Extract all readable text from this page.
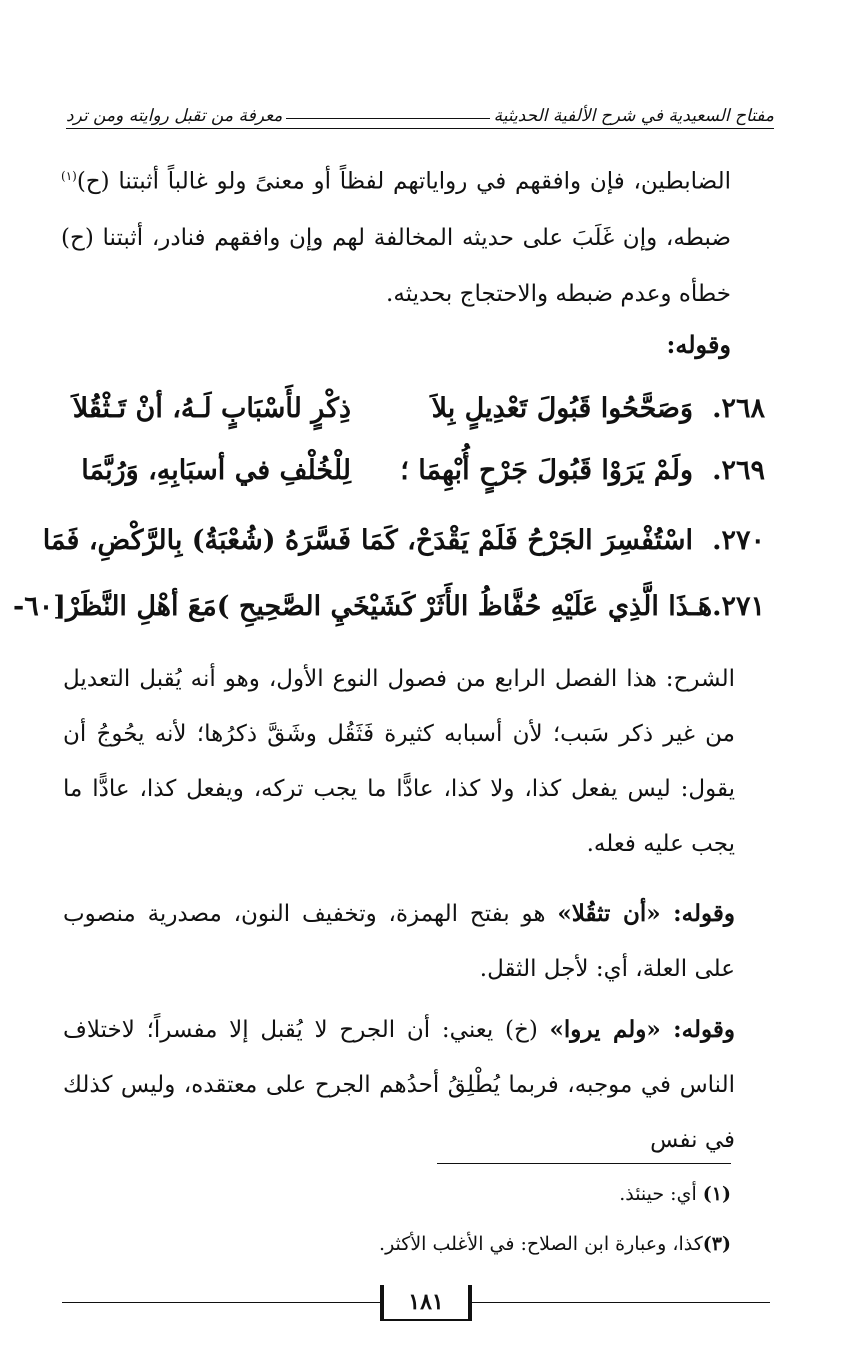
مفتاح السعيدية في شرح الألفية الحديثية
معرفة من تقبل روايته ومن ترد

الضابطين، فإن وافقهم في رواياتهم لفظاً أو معنىً ولو غالباً أثبتنا (ح)$^{(١)}$ ضبطه، وإن غَلَبَ على حديثه المخالفة لهم وإن وافقهم فنادر، أثبتنا (ح) خطأه وعدم ضبطه والاحتجاج بحديثه.

وقوله:
٢٦٨.
وَصَحَّحُوا قَبُولَ تَعْدِيلٍ بِلاَ
ذِكْرٍ لأَسْبَابٍ لَـهُ، أنْ تَـثْقُلاَ
٢٦٩.
ولَمْ يَرَوْا قَبُولَ جَرْحٍ أُبْهِمَا ؛
لِلْخُلْفِ في أسبَابِهِ، وَرُبَّمَا
٢٧٠.
اسْتُفْسِرَ الجَرْحُ فَلَمْ يَقْدَحْ، كَمَا
فَسَّرَهُ (شُعْبَةُ) بِالرَّكْضِ، فَمَا
٢٧١.
هَـذَا الَّذِي عَلَيْهِ حُفَّاظُ الأَثَرْ
كَشَيْخَيِ الصَّحِيحِ )مَعَ أهْلِ النَّظَرْ[٦٠-

الشرح: هذا الفصل الرابع من فصول النوع الأول، وهو أنه يُقبل التعديل من غير ذكر سَبب؛ لأن أسبابه كثيرة فَثَقُل وشَقَّ ذكرُها؛ لأنه يحُوجُ أن يقول: ليس يفعل كذا، ولا كذا، عادًّا ما يجب تركه، ويفعل كذا، عادًّا ما يجب عليه فعله.

وقوله: «أن تثقُلا» هو بفتح الهمزة، وتخفيف النون، مصدرية منصوب على العلة، أي: لأجل الثقل.

وقوله: «ولم يروا» (خ) يعني: أن الجرح لا يُقبل إلا مفسراً؛ لاختلاف الناس في موجبه، فربما يُطْلِقُ أحدُهم الجرح على معتقده، وليس كذلك في نفس

(١) أي: حينئذ.
(٣)كذا، وعبارة ابن الصلاح: في الأغلب الأكثر.
١٨١
